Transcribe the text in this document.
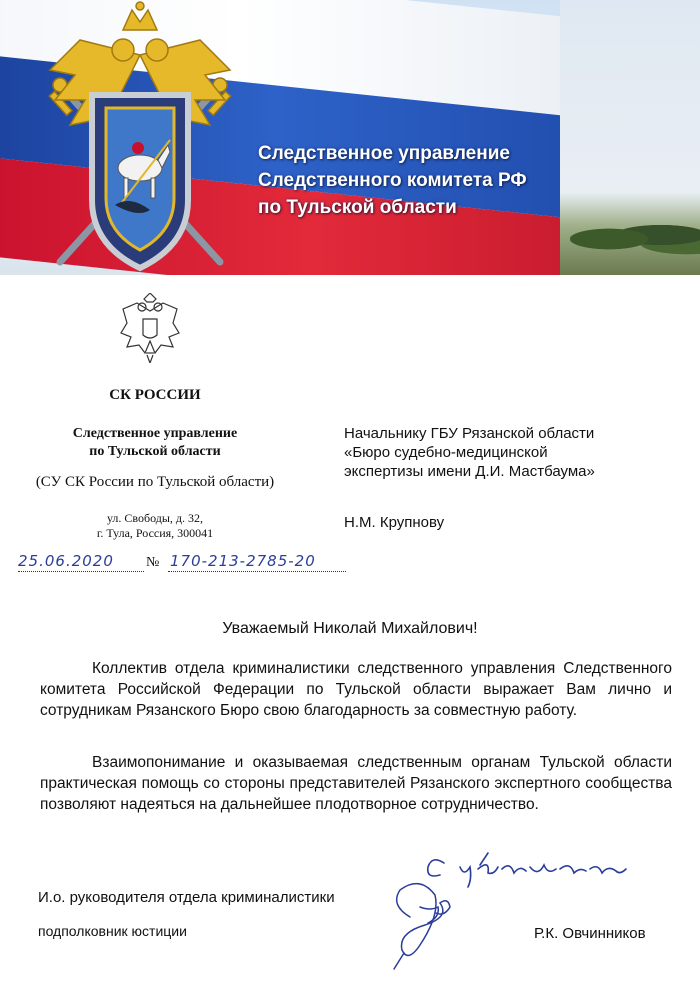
Следственное управление
Следственного комитета РФ
по Тульской области
СК РОССИИ
Следственное управление
по Тульской области
(СУ СК России по Тульской области)
ул. Свободы, д. 32,
г. Тула, Россия, 300041
25.06.2020 № 170-213-2785-20
Начальнику ГБУ Рязанской области
«Бюро судебно-медицинской
экспертизы имени Д.И. Мастбаума»
Н.М. Крупнову
Уважаемый Николай Михайлович!
Коллектив отдела криминалистики следственного управления Следственного комитета Российской Федерации по Тульской области выражает Вам лично и сотрудникам Рязанского Бюро свою благодарность за совместную работу.
Взаимопонимание и оказываемая следственным органам Тульской области практическая помощь со стороны представителей Рязанского экспертного сообщества позволяют надеяться на дальнейшее плодотворное сотрудничество.
И.о. руководителя отдела криминалистики
подполковник юстиции	Р.К. Овчинников
